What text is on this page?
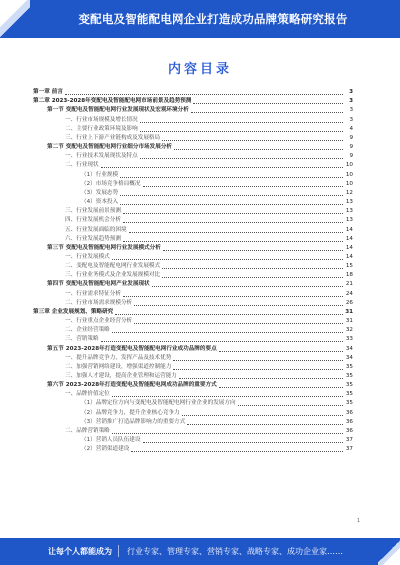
变配电及智能配电网企业打造成功品牌策略研究报告
内容目录
第一章 前言	3
第二章 2023-2028年变配电及智能配电网市场前景及趋势预测	3
第一节 变配电及智能配电网行业发展现状及宏观环境分析	3
一、行业市场规模及增长情况	3
二、主要行业政策环境及影响	4
三、行业上下游产业链构成及发展格局	9
第二节 变配电及智能配电网行业细分市场发展分析	9
一、行业技术发展现状及特点	9
二、行业现状	10
（1）行业规模	10
（2）市场竞争格局概况	10
（3）发展态势	12
（4）资本投入	13
三、行业发展前景预测	13
四、行业发展机会分析	13
五、行业发展面临的困境	14
六、行业发展趋势预测	14
第三节 变配电及智能配电网行业发展模式分析	14
一、行业发展模式	14
二、变配电及智能配电网行业发展模式	15
三、行业业务模式及企业发展规模对比	18
第四节 变配电及智能配电网产业发展现状	21
一、行业需求特征分析	24
二、行业市场需求规模分析	26
第三章 企业发展规划、策略研究	31
一、行业重点企业经营分析	31
二、企业经营策略	32
三、营销策略	33
第五节 2023-2028年打造变配电及智能配电网行业成功品牌的要点	34
一、提升品牌竞争力，发挥产品及技术优势	34
二、加强营销网络建设，增强渠道控制能力	35
三、加强人才建设，提高企业管理和运营能力	35
第六节 2023-2028年打造变配电及智能配电网成功品牌的重要方式	35
一、品牌价值定位	35
（1）品牌定位方向与变配电及智能配电网行业企业的发展方向	35
（2）品牌竞争力，提升企业核心竞争力	36
（3）营销推广打造品牌影响力的重要方式	36
二、品牌营销策略	36
（1）营销人员队伍建设	37
（2）营销渠道建设	37
1
让每个人都能成为 行业专家、管理专家、营销专家、战略专家、成功企业家……
